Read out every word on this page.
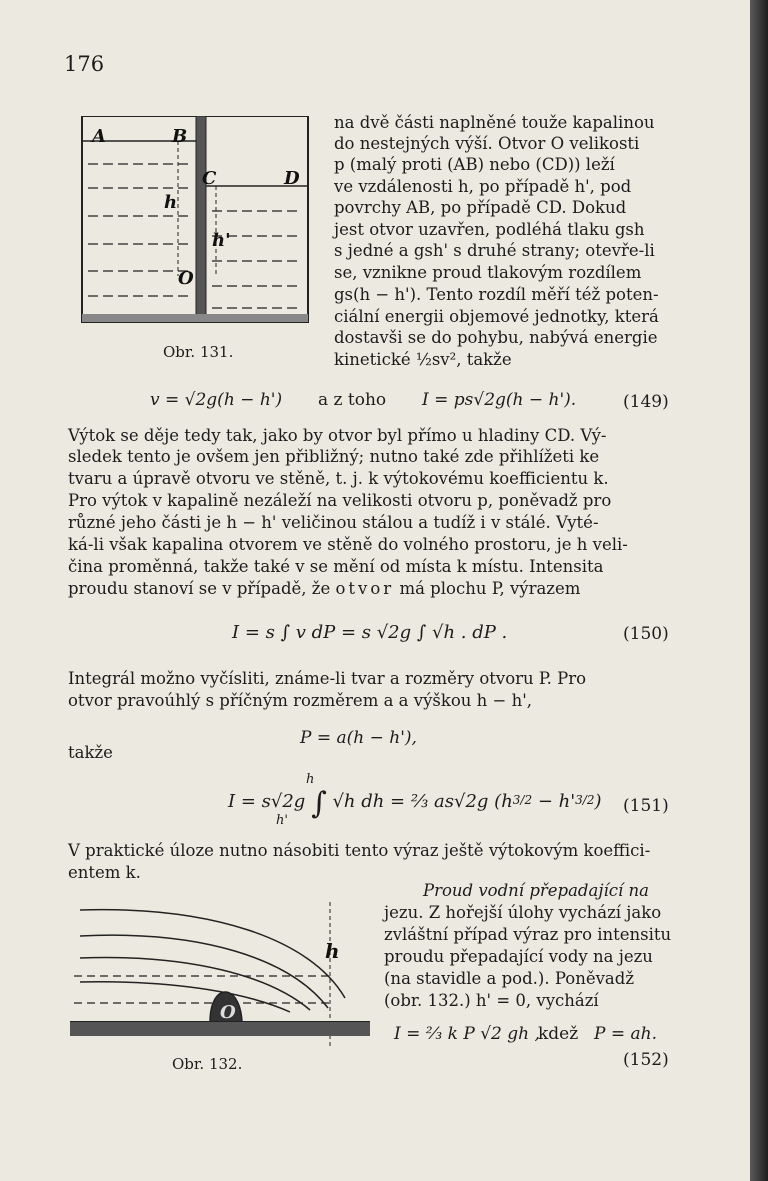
176
A	B
C	D
h
h'
O
Obr. 131.
na dvě části naplněné touže kapalinou
do nestejných výší. Otvor O velikosti
p (malý proti (AB) nebo (CD)) leží
ve vzdálenosti h, po případě h', pod
povrchy AB, po případě CD. Dokud
jest otvor uzavřen, podléhá tlaku gsh
s jedné a gsh' s druhé strany; otevře-li
se, vznikne proud tlakovým rozdílem
gs(h − h'). Tento rozdíl měří též poten-
ciální energii objemové jednotky, která
dostavši se do pohybu, nabývá energie
kinetické ½sv², takže
v = √2g(h − h') a z toho I = ps√2g(h − h').	(149)
Výtok se děje tedy tak, jako by otvor byl přímo u hladiny CD. Vý-
sledek tento je ovšem jen přibližný; nutno také zde přihlížeti ke
tvaru a úpravě otvoru ve stěně, t. j. k výtokovému koefficientu k.
Pro výtok v kapalině nezáleží na velikosti otvoru p, poněvadž pro
různé jeho části je h − h' veličinou stálou a tudíž i v stálé. Vyté-
ká-li však kapalina otvorem ve stěně do volného prostoru, je h veli-
čina proměnná, takže také v se mění od místa k místu. Intensita
proudu stanoví se v případě, že otvor má plochu P, výrazem
I = s ∫ v dP = s √2g ∫ √h . dP .	(150)
Integrál možno vyčísliti, známe-li tvar a rozměry otvoru P. Pro
otvor pravoúhlý s příčným rozměrem a a výškou h − h',
P = a(h − h'),
takže
I = s√2g ∫ √h dh = ⅔ as√2g $(h^{3/2} - h'^{3/2})$
h
h'
(151)
V praktické úloze nutno násobiti tento výraz ještě výtokovým koeffici-
entem k.
h
O
Obr. 132.
Proud vodní přepadající na
jezu. Z hořejší úlohy vychází jako
zvláštní případ výraz pro intensitu
proudu přepadající vody na jezu
(na stavidle a pod.). Poněvadž
(obr. 132.) h' = 0, vychází
I = ⅔ k P √2 gh ,
kdež P = ah.
(152)
